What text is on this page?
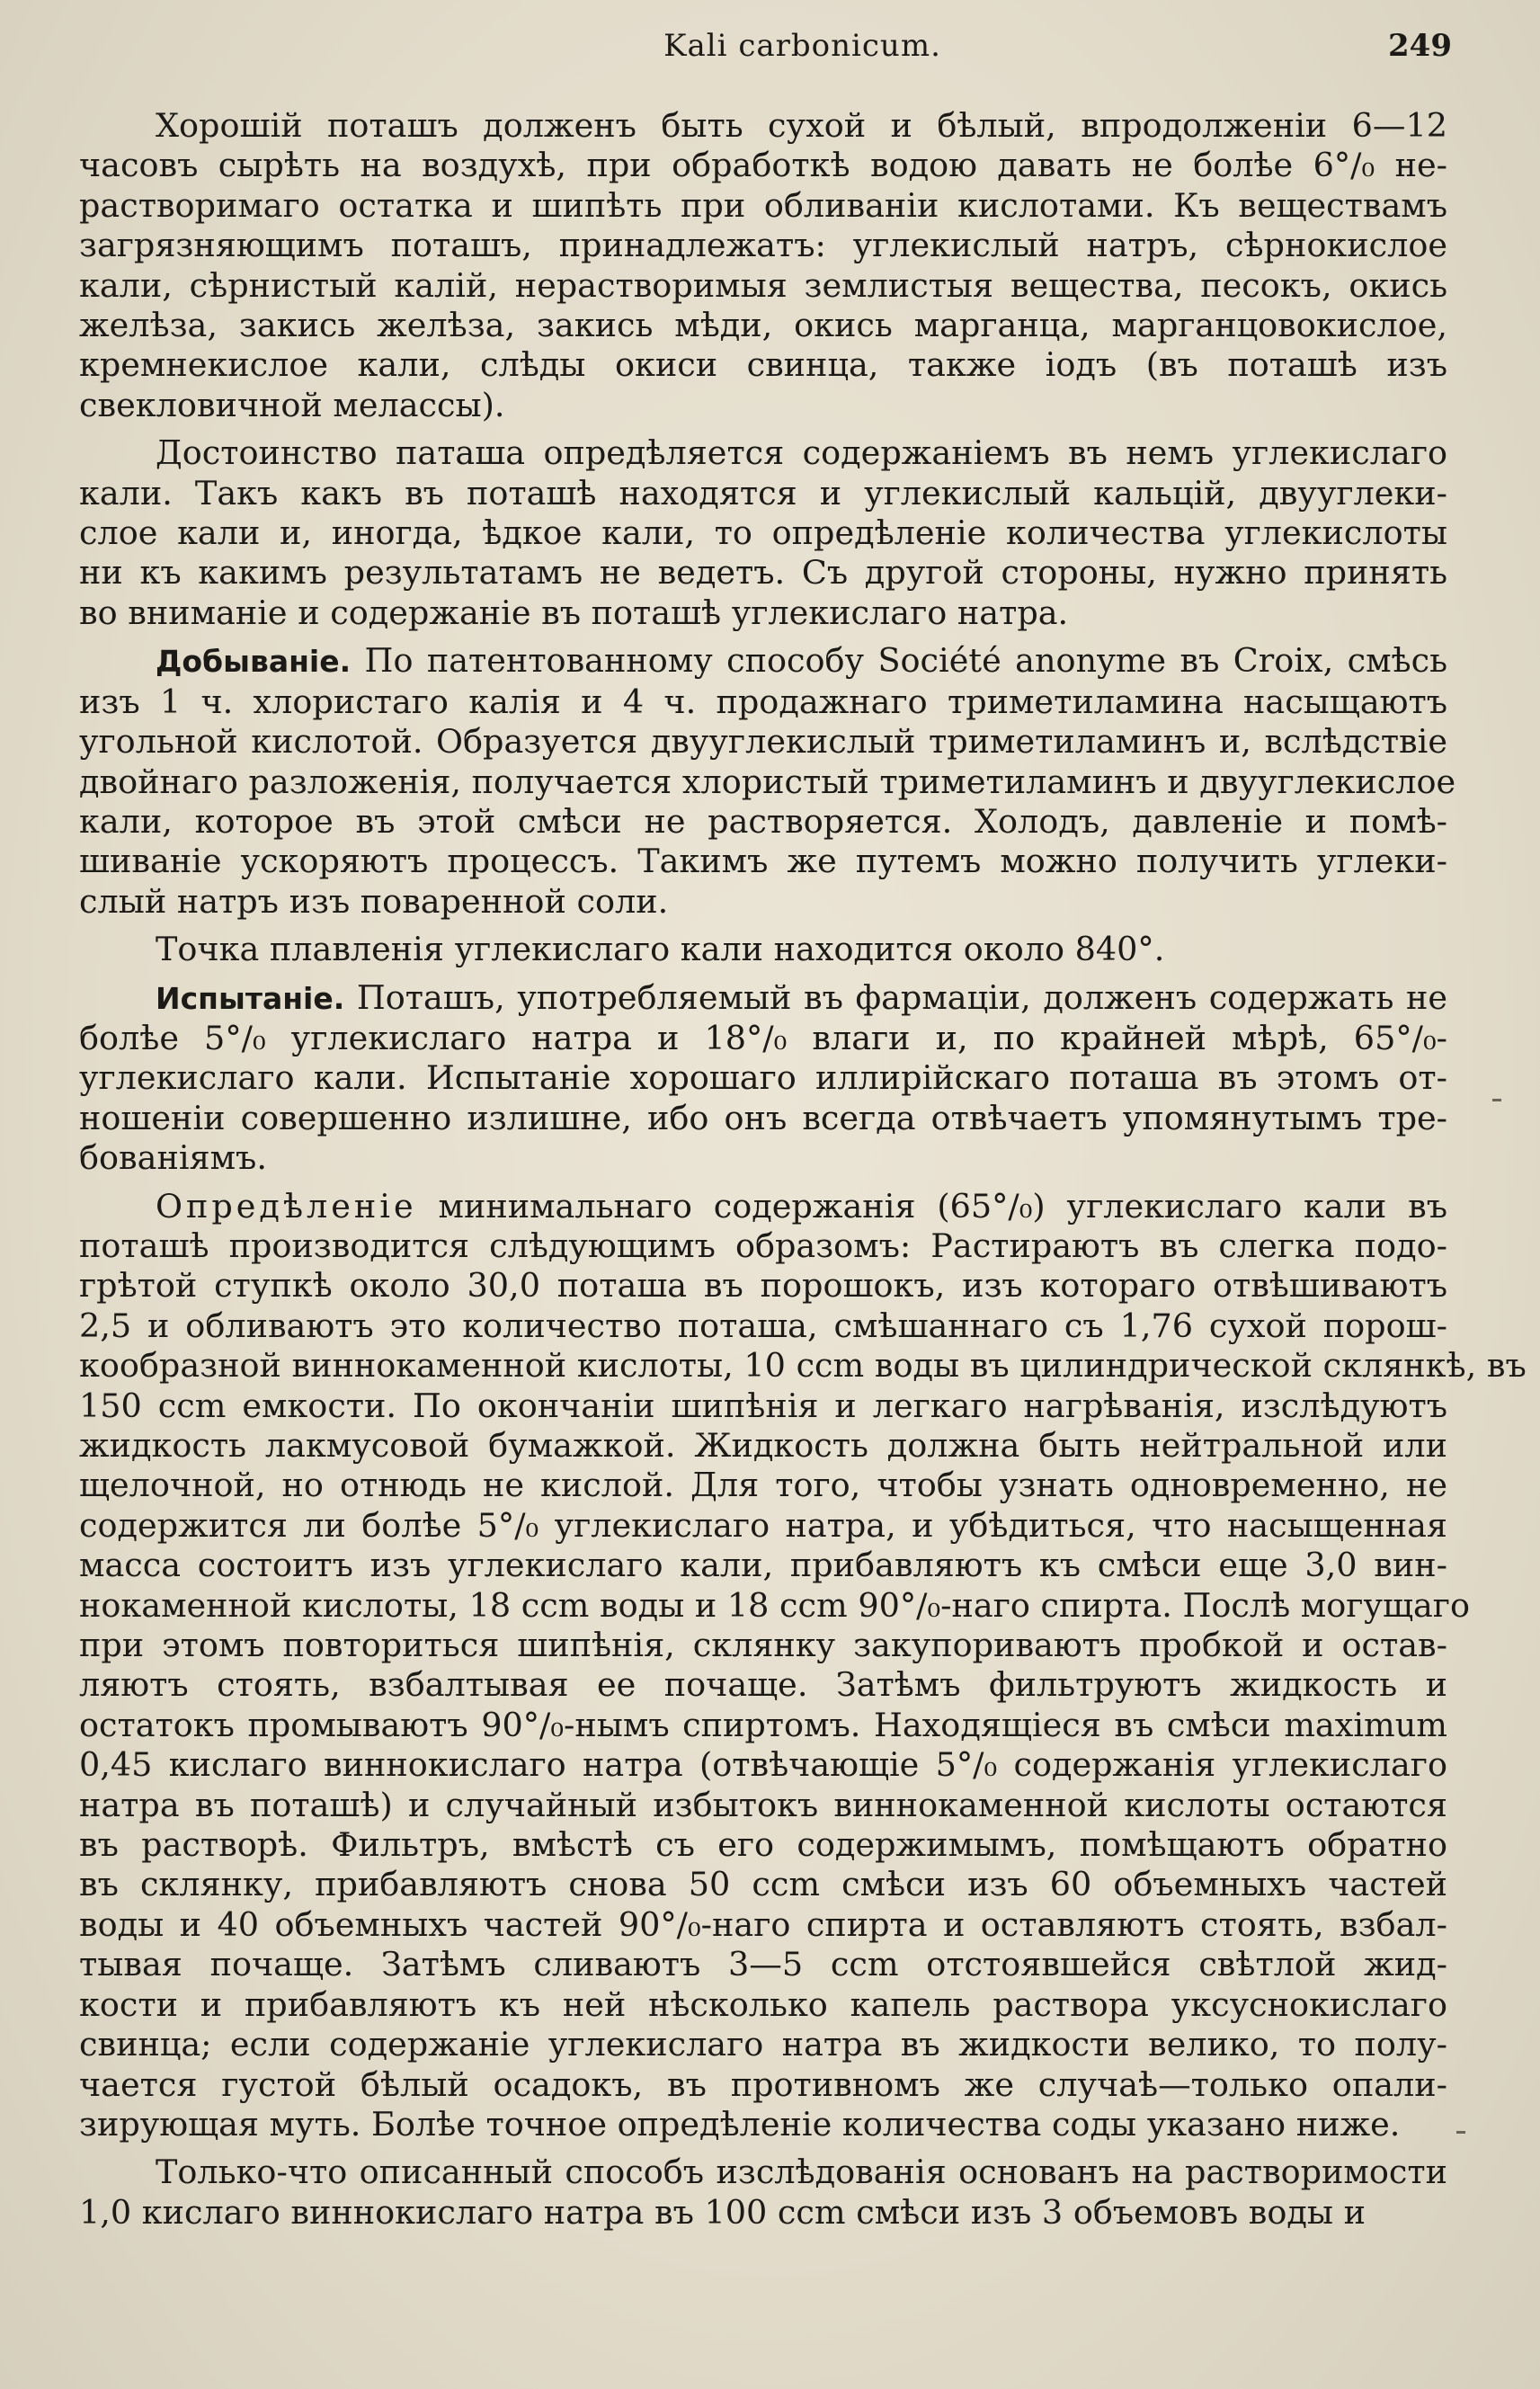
Kali carbonicum.	249
Хорошій поташъ долженъ быть сухой и бѣлый, впродолженіи 6—12
часовъ сырѣть на воздухѣ, при обработкѣ водою давать не болѣе 6°/₀ не-
растворимаго остатка и шипѣть при обливаніи кислотами. Къ веществамъ
загрязняющимъ поташъ, принадлежатъ: углекислый натръ, сѣрнокислое
кали, сѣрнистый калій, нерастворимыя землистыя вещества, песокъ, окись
желѣза, закись желѣза, закись мѣди, окись марганца, марганцовокислое,
кремнекислое кали, слѣды окиси свинца, также іодъ (въ поташѣ изъ
свекловичной мелассы).
Достоинство паташа опредѣляется содержаніемъ въ немъ углекислаго
кали. Такъ какъ въ поташѣ находятся и углекислый кальцій, двууглеки-
слое кали и, иногда, ѣдкое кали, то опредѣленіе количества углекислоты
ни къ какимъ результатамъ не ведетъ. Съ другой стороны, нужно принять
во вниманіе и содержаніе въ поташѣ углекислаго натра.
Добываніе. По патентованному способу Société anonyme въ Croix, смѣсь
изъ 1 ч. хлористаго калія и 4 ч. продажнаго триметиламина насыщаютъ
угольной кислотой. Образуется двууглекислый триметиламинъ и, вслѣдствіе
двойнаго разложенія, получается хлористый триметиламинъ и двууглекислое
кали, которое въ этой смѣси не растворяется. Холодъ, давленіе и помѣ-
шиваніе ускоряютъ процессъ. Такимъ же путемъ можно получить углеки-
слый натръ изъ поваренной соли.
Точка плавленія углекислаго кали находится около 840°.
Испытаніе. Поташъ, употребляемый въ фармаціи, долженъ содержать не
болѣе 5°/₀ углекислаго натра и 18°/₀ влаги и, по крайней мѣрѣ, 65°/₀-
углекислаго кали. Испытаніе хорошаго иллирійскаго поташа въ этомъ от-
ношеніи совершенно излишне, ибо онъ всегда отвѣчаетъ упомянутымъ тре-
бованіямъ.
Опредѣленіе минимальнаго содержанія (65°/₀) углекислаго кали въ
поташѣ производится слѣдующимъ образомъ: Растираютъ въ слегка подо-
грѣтой ступкѣ около 30,0 поташа въ порошокъ, изъ котораго отвѣшиваютъ
2,5 и обливаютъ это количество поташа, смѣшаннаго съ 1,76 сухой порош-
кообразной виннокаменной кислоты, 10 cсm воды въ цилиндрической склянкѣ, въ
150 cсm емкости. По окончаніи шипѣнія и легкаго нагрѣванія, изслѣдуютъ
жидкость лакмусовой бумажкой. Жидкость должна быть нейтральной или
щелочной, но отнюдь не кислой. Для того, чтобы узнать одновременно, не
содержится ли болѣе 5°/₀ углекислаго натра, и убѣдиться, что насыщенная
масса состоитъ изъ углекислаго кали, прибавляютъ къ смѣси еще 3,0 вин-
нокаменной кислоты, 18 cсm воды и 18 cсm 90°/₀-наго спирта. Послѣ могущаго
при этомъ повториться шипѣнія, склянку закупориваютъ пробкой и остав-
ляютъ стоять, взбалтывая ее почаще. Затѣмъ фильтруютъ жидкость и
остатокъ промываютъ 90°/₀-нымъ спиртомъ. Находящіеся въ смѣси maximum
0,45 кислаго виннокислаго натра (отвѣчающіе 5°/₀ содержанія углекислаго
натра въ поташѣ) и случайный избытокъ виннокаменной кислоты остаются
въ растворѣ. Фильтръ, вмѣстѣ съ его содержимымъ, помѣщаютъ обратно
въ склянку, прибавляютъ снова 50 cсm смѣси изъ 60 объемныхъ частей
воды и 40 объемныхъ частей 90°/₀-наго спирта и оставляютъ стоять, взбал-
тывая почаще. Затѣмъ сливаютъ 3—5 cсm отстоявшейся свѣтлой жид-
кости и прибавляютъ къ ней нѣсколько капель раствора уксуснокислаго
свинца; если содержаніе углекислаго натра въ жидкости велико, то полу-
чается густой бѣлый осадокъ, въ противномъ же случаѣ—только опали-
зирующая муть. Болѣе точное опредѣленіе количества соды указано ниже.
Только-что описанный способъ изслѣдованія основанъ на растворимости
1,0 кислаго виннокислаго натра въ 100 cсm смѣси изъ 3 объемовъ воды и
